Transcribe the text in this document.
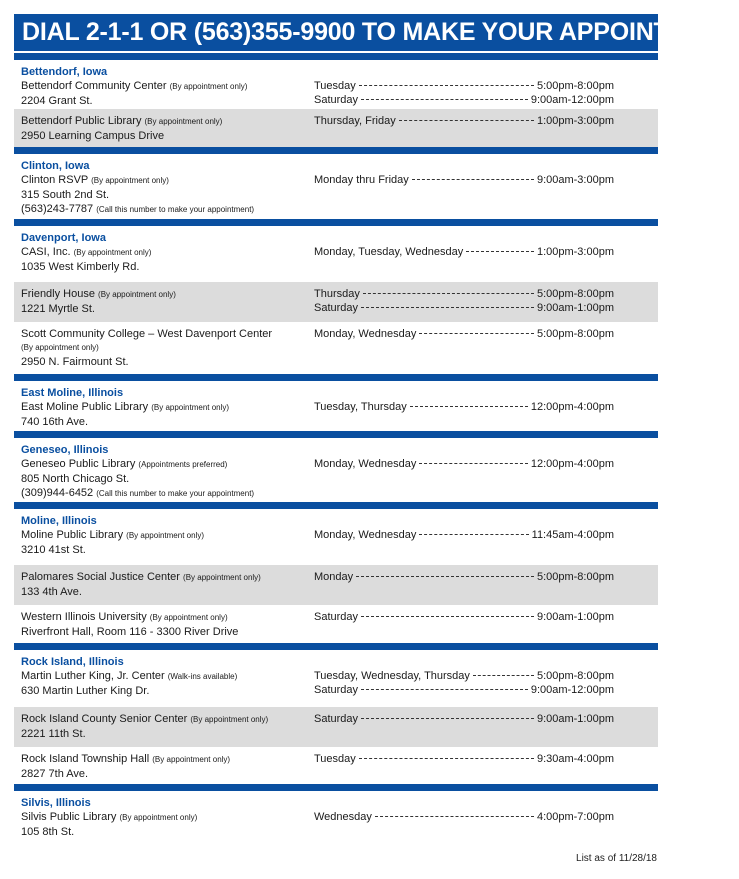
DIAL 2-1-1 OR (563)355-9900 TO MAKE YOUR APPOINTMENT
Bettendorf, Iowa
Bettendorf Community Center (By appointment only)
2204 Grant St.
Tuesday	5:00pm-8:00pm
Saturday	9:00am-12:00pm
Bettendorf Public Library (By appointment only)
2950 Learning Campus Drive
Thursday, Friday	1:00pm-3:00pm
Clinton, Iowa
Clinton RSVP (By appointment only)
315 South 2nd St.
(563)243-7787 (Call this number to make your appointment)
Monday thru Friday	9:00am-3:00pm
Davenport, Iowa
CASI, Inc. (By appointment only)
1035 West Kimberly Rd.
Monday, Tuesday, Wednesday	1:00pm-3:00pm
Friendly House (By appointment only)
1221 Myrtle St.
Thursday	5:00pm-8:00pm
Saturday	9:00am-1:00pm
Scott Community College – West Davenport Center
(By appointment only)
2950 N. Fairmount St.
Monday, Wednesday	5:00pm-8:00pm
East Moline, Illinois
East Moline Public Library (By appointment only)
740 16th Ave.
Tuesday, Thursday	12:00pm-4:00pm
Geneseo, Illinois
Geneseo Public Library (Appointments preferred)
805 North Chicago St.
(309)944-6452 (Call this number to make your appointment)
Monday, Wednesday	12:00pm-4:00pm
Moline, Illinois
Moline Public Library (By appointment only)
3210 41st St.
Monday, Wednesday	11:45am-4:00pm
Palomares Social Justice Center (By appointment only)
133 4th Ave.
Monday	5:00pm-8:00pm
Western Illinois University (By appointment only)
Riverfront Hall, Room 116 - 3300 River Drive
Saturday	9:00am-1:00pm
Rock Island, Illinois
Martin Luther King, Jr. Center (Walk-ins available)
630 Martin Luther King Dr.
Tuesday, Wednesday, Thursday	5:00pm-8:00pm
Saturday	9:00am-12:00pm
Rock Island County Senior Center (By appointment only)
2221 11th St.
Saturday	9:00am-1:00pm
Rock Island Township Hall (By appointment only)
2827 7th Ave.
Tuesday	9:30am-4:00pm
Silvis, Illinois
Silvis Public Library (By appointment only)
105 8th St.
Wednesday	4:00pm-7:00pm
List as of 11/28/18
